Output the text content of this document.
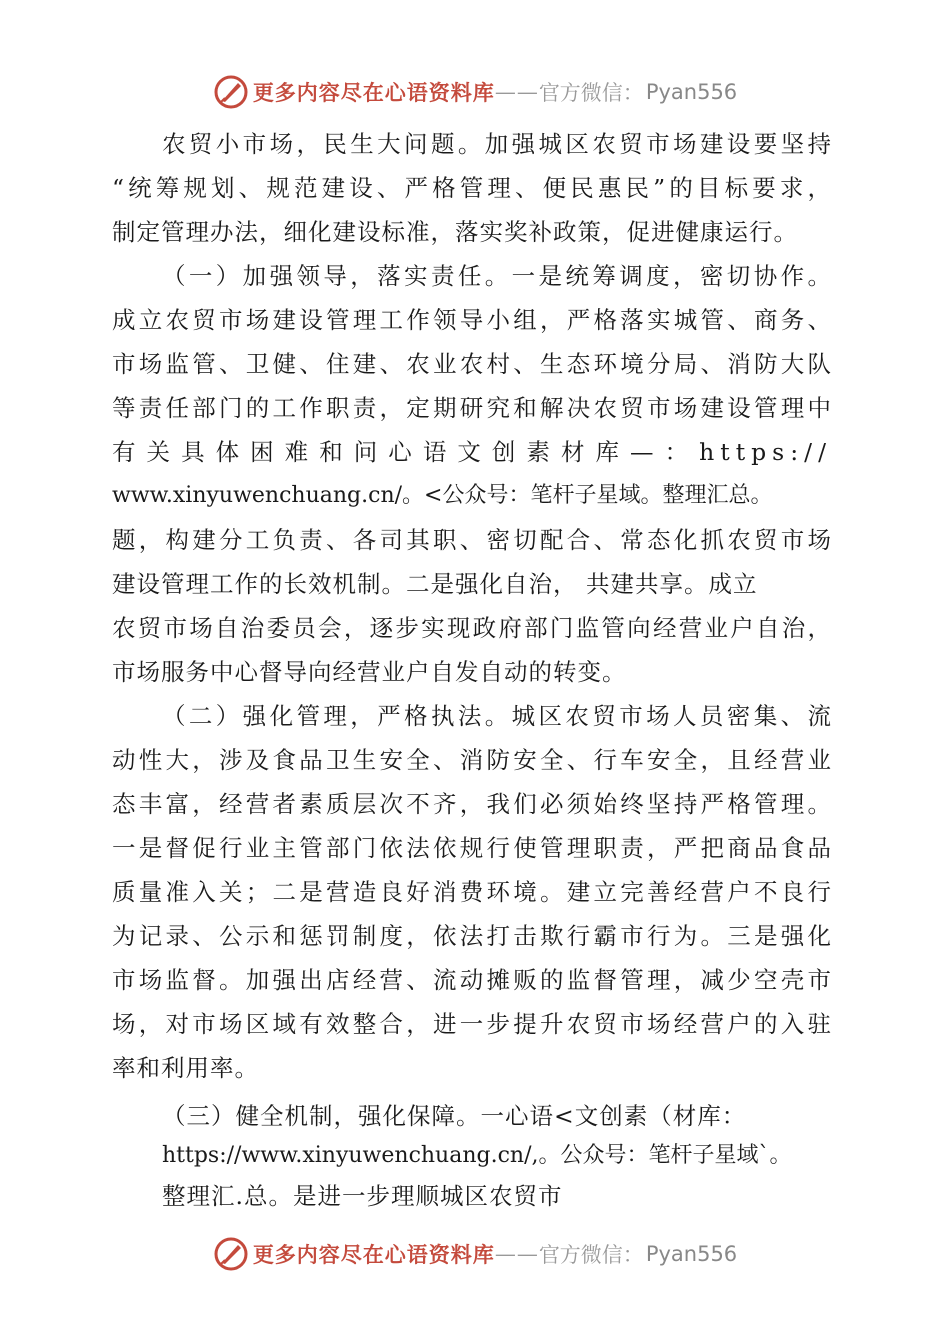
更多内容尽在心语资料库 —— 官方微信： Pyan556
农贸小市场，民生大问题。加强城区农贸市场建设要坚持
“统筹规划、规范建设、严格管理、便民惠民”的目标要求，
制定管理办法，细化建设标准，落实奖补政策，促进健康运行。
（一）加强领导，落实责任。一是统筹调度，密切协作。
成立农贸市场建设管理工作领导小组，严格落实城管、商务、
市场监管、卫健、住建、农业农村、生态环境分局、消防大队
等责任部门的工作职责，定期研究和解决农贸市场建设管理中
有关具体困难和问心语文创素材库—：https://
www.xinyuwenchuang.cn/。<公众号：笔杆子星域。整理汇总。
题，构建分工负责、各司其职、密切配合、常态化抓农贸市场
建设管理工作的长效机制。二是强化自治， 共建共享。成立
农贸市场自治委员会，逐步实现政府部门监管向经营业户自治，
市场服务中心督导向经营业户自发自动的转变。
（二）强化管理，严格执法。城区农贸市场人员密集、流
动性大，涉及食品卫生安全、消防安全、行车安全，且经营业
态丰富，经营者素质层次不齐，我们必须始终坚持严格管理。
一是督促行业主管部门依法依规行使管理职责，严把商品食品
质量准入关；二是营造良好消费环境。建立完善经营户不良行
为记录、公示和惩罚制度，依法打击欺行霸市行为。三是强化
市场监督。加强出店经营、流动摊贩的监督管理，减少空壳市
场，对市场区域有效整合，进一步提升农贸市场经营户的入驻
率和利用率。
（三）健全机制，强化保障。一心语<文创素（材库：
https://www.xinyuwenchuang.cn/,。公众号：笔杆子星域`。
整理汇.总。是进一步理顺城区农贸市
更多内容尽在心语资料库 —— 官方微信： Pyan556
